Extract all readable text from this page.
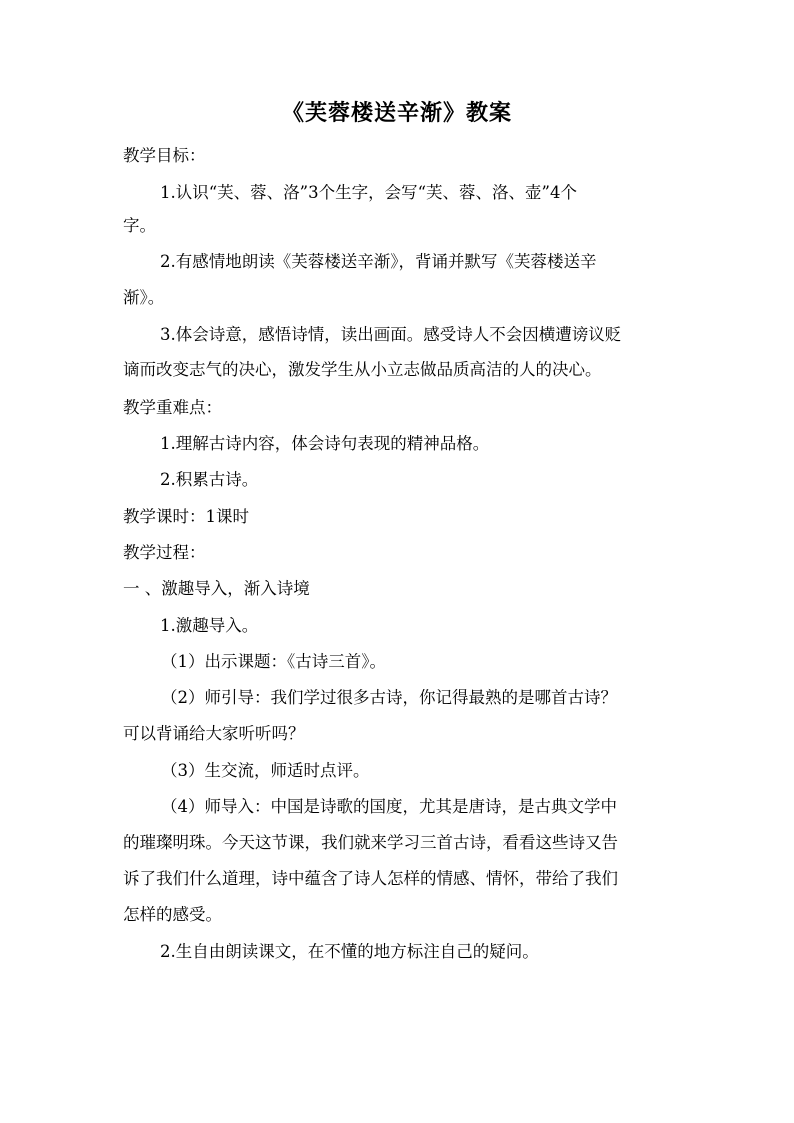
《芙蓉楼送辛渐》教案
教学目标：
1.认识“芙、蓉、洛”3个生字，会写“芙、蓉、洛、壶”4个
字。
2.有感情地朗读《芙蓉楼送辛渐》，背诵并默写《芙蓉楼送辛
渐》。
3.体会诗意，感悟诗情，读出画面。感受诗人不会因横遭谤议贬
谪而改变志气的决心，激发学生从小立志做品质高洁的人的决心。
教学重难点：
1.理解古诗内容，体会诗句表现的精神品格。
2.积累古诗。
教学课时：1课时
教学过程：
一 、激趣导入，渐入诗境
1.激趣导入。
（1）出示课题：《古诗三首》。
（2）师引导：我们学过很多古诗，你记得最熟的是哪首古诗？
可以背诵给大家听听吗？
（3）生交流，师适时点评。
（4）师导入：中国是诗歌的国度，尤其是唐诗，是古典文学中
的璀璨明珠。今天这节课，我们就来学习三首古诗，看看这些诗又告
诉了我们什么道理，诗中蕴含了诗人怎样的情感、情怀，带给了我们
怎样的感受。
2.生自由朗读课文，在不懂的地方标注自己的疑问。
